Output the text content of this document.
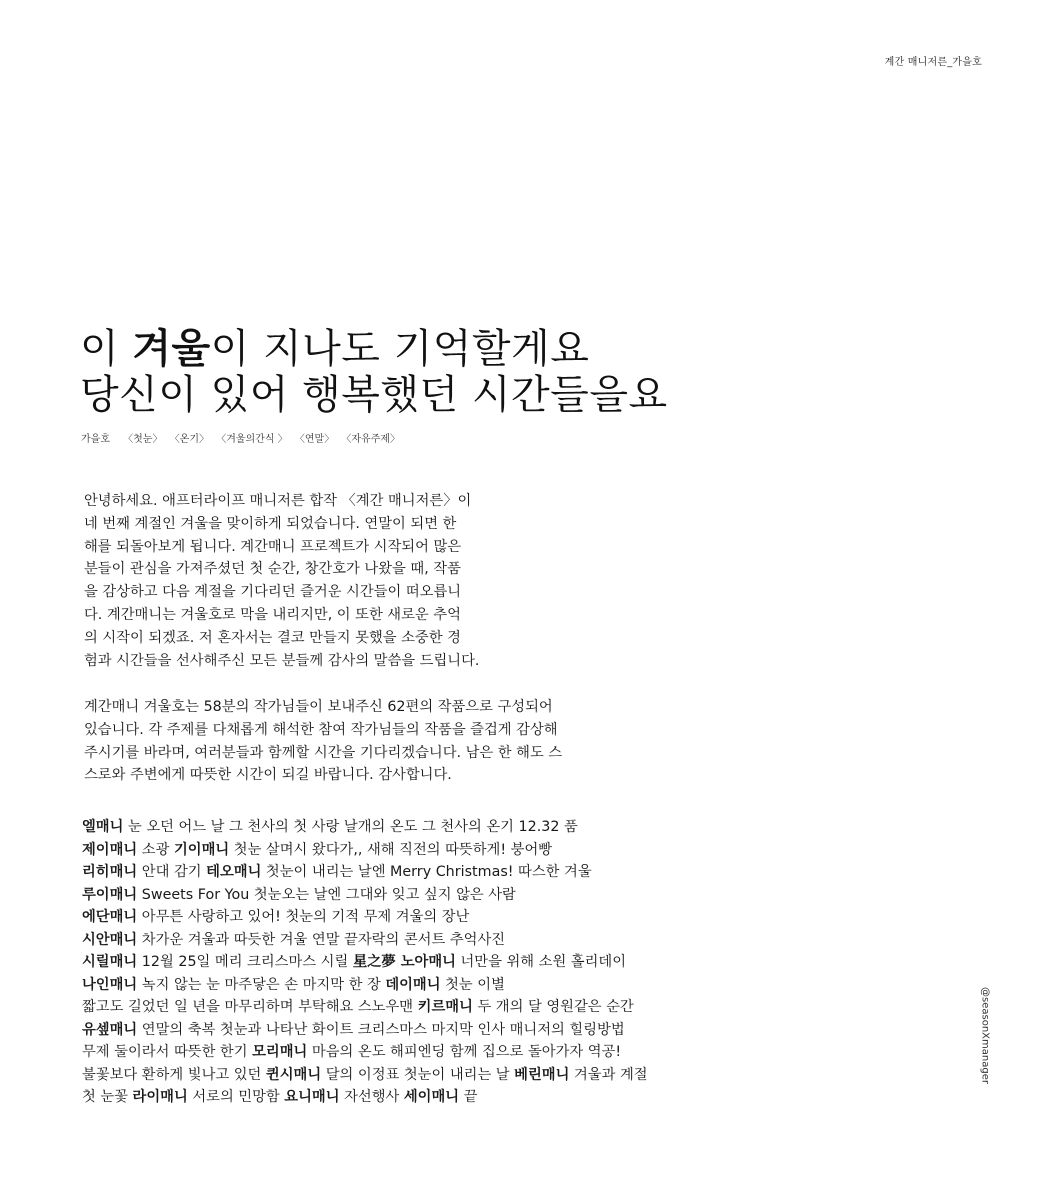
계간 매니저른_가을호
이 겨울이 지나도 기억할게요
당신이 있어 행복했던 시간들을요
가을호 〈첫눈〉 〈온기〉 〈겨울의간식 〉 〈연말〉 〈자유주제〉

안녕하세요. 애프터라이프 매니저른 합작 〈계간 매니저른〉이
네 번째 계절인 겨울을 맞이하게 되었습니다. 연말이 되면 한
해를 되돌아보게 됩니다. 계간매니 프로젝트가 시작되어 많은
분들이 관심을 가져주셨던 첫 순간, 창간호가 나왔을 때, 작품
을 감상하고 다음 계절을 기다리던 즐거운 시간들이 떠오릅니
다. 계간매니는 겨울호로 막을 내리지만, 이 또한 새로운 추억
의 시작이 되겠죠. 저 혼자서는 결코 만들지 못했을 소중한 경
험과 시간들을 선사해주신 모든 분들께 감사의 말씀을 드립니다.

계간매니 겨울호는 58분의 작가님들이 보내주신 62편의 작품으로 구성되어
있습니다. 각 주제를 다채롭게 해석한 참여 작가님들의 작품을 즐겁게 감상해
주시기를 바라며, 여러분들과 함께할 시간을 기다리겠습니다. 남은 한 해도 스
스로와 주변에게 따뜻한 시간이 되길 바랍니다. 감사합니다.

엘매니 눈 오던 어느 날 그 천사의 첫 사랑 날개의 온도 그 천사의 온기 12.32 품
제이매니 소광 기이매니 첫눈 살며시 왔다가,, 새해 직전의 따뜻하게! 붕어빵
리히매니 안대 감기 테오매니 첫눈이 내리는 날엔 Merry Christmas! 따스한 겨울
루이매니 Sweets For You 첫눈오는 날엔 그대와 잊고 싶지 않은 사람
에단매니 아무튼 사랑하고 있어! 첫눈의 기적 무제 겨울의 장난
시안매니 차가운 겨울과 따듯한 겨울 연말 끝자락의 콘서트 추억사진
시릴매니 12월 25일 메리 크리스마스 시릴 星之夢 노아매니 너만을 위해 소원 홀리데이
나인매니 녹지 않는 눈 마주닿은 손 마지막 한 장 데이매니 첫눈 이별
짧고도 길었던 일 년을 마무리하며 부탁해요 스노우맨 키르매니 두 개의 달 영원같은 순간
유셒매니 연말의 축복 첫눈과 나타난 화이트 크리스마스 마지막 인사 매니저의 힐링방법
무제 둘이라서 따뜻한 한기 모리매니 마음의 온도 해피엔딩 함께 집으로 돌아가자 역공!
불꽃보다 환하게 빛나고 있던 퀸시매니 달의 이정표 첫눈이 내리는 날 베린매니 겨울과 계절
첫 눈꽃 라이매니 서로의 민망함 요니매니 자선행사 세이매니 끝
@seasonXmanager
